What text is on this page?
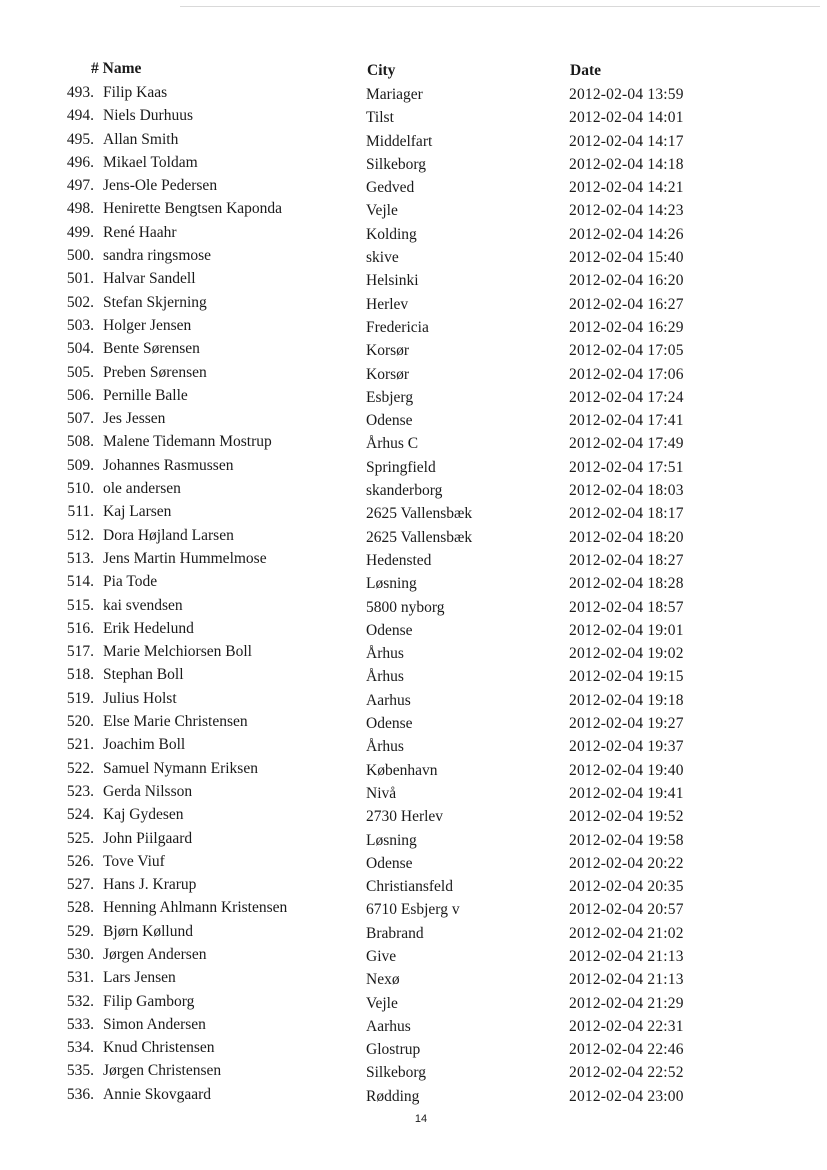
# Name	City	Date
493. Filip Kaas	Mariager	2012-02-04 13:59
494. Niels Durhuus	Tilst	2012-02-04 14:01
495. Allan Smith	Middelfart	2012-02-04 14:17
496. Mikael Toldam	Silkeborg	2012-02-04 14:18
497. Jens-Ole Pedersen	Gedved	2012-02-04 14:21
498. Henirette Bengtsen Kaponda	Vejle	2012-02-04 14:23
499. René Haahr	Kolding	2012-02-04 14:26
500. sandra ringsmose	skive	2012-02-04 15:40
501. Halvar Sandell	Helsinki	2012-02-04 16:20
502. Stefan Skjerning	Herlev	2012-02-04 16:27
503. Holger Jensen	Fredericia	2012-02-04 16:29
504. Bente Sørensen	Korsør	2012-02-04 17:05
505. Preben Sørensen	Korsør	2012-02-04 17:06
506. Pernille Balle	Esbjerg	2012-02-04 17:24
507. Jes Jessen	Odense	2012-02-04 17:41
508. Malene Tidemann Mostrup	Århus C	2012-02-04 17:49
509. Johannes Rasmussen	Springfield	2012-02-04 17:51
510. ole andersen	skanderborg	2012-02-04 18:03
511. Kaj Larsen	2625 Vallensbæk	2012-02-04 18:17
512. Dora Højland Larsen	2625 Vallensbæk	2012-02-04 18:20
513. Jens Martin Hummelmose	Hedensted	2012-02-04 18:27
514. Pia Tode	Løsning	2012-02-04 18:28
515. kai svendsen	5800 nyborg	2012-02-04 18:57
516. Erik Hedelund	Odense	2012-02-04 19:01
517. Marie Melchiorsen Boll	Århus	2012-02-04 19:02
518. Stephan Boll	Århus	2012-02-04 19:15
519. Julius Holst	Aarhus	2012-02-04 19:18
520. Else Marie Christensen	Odense	2012-02-04 19:27
521. Joachim Boll	Århus	2012-02-04 19:37
522. Samuel Nymann Eriksen	København	2012-02-04 19:40
523. Gerda Nilsson	Nivå	2012-02-04 19:41
524. Kaj Gydesen	2730 Herlev	2012-02-04 19:52
525. John Piilgaard	Løsning	2012-02-04 19:58
526. Tove Viuf	Odense	2012-02-04 20:22
527. Hans J. Krarup	Christiansfeld	2012-02-04 20:35
528. Henning Ahlmann Kristensen	6710 Esbjerg v	2012-02-04 20:57
529. Bjørn Køllund	Brabrand	2012-02-04 21:02
530. Jørgen Andersen	Give	2012-02-04 21:13
531. Lars Jensen	Nexø	2012-02-04 21:13
532. Filip Gamborg	Vejle	2012-02-04 21:29
533. Simon Andersen	Aarhus	2012-02-04 22:31
534. Knud Christensen	Glostrup	2012-02-04 22:46
535. Jørgen Christensen	Silkeborg	2012-02-04 22:52
536. Annie Skovgaard	Rødding	2012-02-04 23:00
14
